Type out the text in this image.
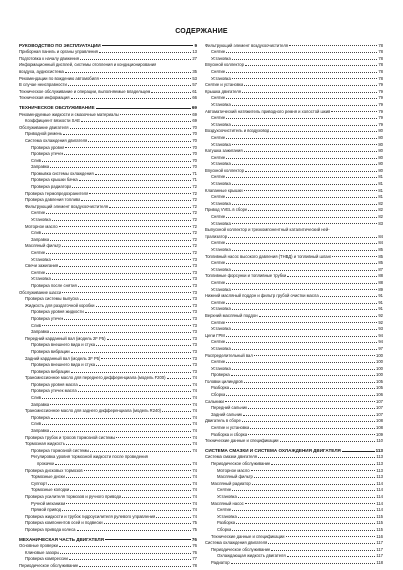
СОДЕРЖАНИЕ
РУКОВОДСТВО ПО ЭКСПЛУАТАЦИИ	9
Приборная панель и органы управления	13
Подготовка к началу движения	27
Информационный дисплей, системы отопления и кондиционирования
воздуха, аудиосистема	35
Рекомендации по вождению автомобиля	53
В случае неисправности	57
Техническое обслуживание и операции, выполняемые владельцем	61
Техническая информация	66
ТЕХНИЧЕСКОЕ ОБСЛУЖИВАНИЕ	69
Рекомендуемые жидкости и смазочные материалы	69
Коэффициент вязкости SAE	69
Обслуживание двигателя	70
Приводной ремень	70
Система охлаждения двигателя	70
Проверка уровня	70
Проверка утечек	70
Слив	70
Заправка	70
Промывка системы охлаждения	71
Проверка крышки бачка	71
Проверка радиатора	72
Проверка термопредохранителя	72
Проверка давления топлива	72
Фильтрующий элемент воздухоочистителя	72
Снятие	72
Установка	72
Моторное масло	72
Слив	72
Заправка	72
Масляный фильтр	72
Снятие	72
Установка	73
Свечи зажигания	73
Снятие	73
Установка	73
Проверка после снятия	73
Обслуживание шасси	73
Проверка системы выпуска	73
Жидкость для раздаточной коробки	73
Проверка уровня жидкости	73
Проверка утечек	73
Слив	73
Заправка	73
Передний карданный вал (модель 2F P5)	73
Проверка внешнего вида и стука	73
Проверка вибрации	73
Задний карданный вал (модель 3F P5)	73
Проверка внешнего вида и стука	73
Проверка вибрации	73
Трансмиссионное масло для переднего дифференциала (модель F200)	74
Проверка уровня масла	74
Проверка утечек масла	74
Слив	74
Заправка	74
Трансмиссионное масло для заднего дифференциала (модель R240)	74
Проверка	74
Слив	74
Заправка	74
Проверка трубок и тросов тормозной системы	74
Тормозная жидкость	74
Проверка тормозной системы	74
Регулировка уровня тормозной жидкости после проведения
прокачки	74
Проверка дисковых тормозов	74
Тормозные диски	74
Суппорт	74
Тормозные колодки	74
Проверка усилителя тормозов и ручного привода	74
Ручной механизм	74
Прямой привод	74
Проверка жидкости и трубок гидроусилителя рулевого управления	74
Проверка компонентов осей и подвески	75
Проверка привода колеса	75
МЕХАНИЧЕСКАЯ ЧАСТЬ ДВИГАТЕЛЯ	76
Основные проверки	76
Клиновые зазоры	76
Проверка компрессии	77
Периодическое обслуживание	78
Фильтрующий элемент воздухоочистителя	78
Снятие	78
Установка	78
Впускной коллектор	78
Снятие	78
Установка	78
Снятие и установка	79
Крышка двигателя	79
Снятие	79
Установка	79
Автоматический натяжитель приводного ремня и холостой шкив	79
Снятие	79
Установка	79
Воздухоочиститель и воздуховод	80
Снятие	80
Установка	80
Катушка зажигания	80
Снятие	80
Установка	80
Впускной коллектор	80
Снятие	81
Установка	81
Клапанные крышки	81
Снятие	81
Установка	82
Привод VVEL в сборе	82
Снятие	82
Установка	83
Выпускной коллектор и трехкомпонентный каталитический ней-
трализатор	84
Снятие	84
Установка	85
Топливный насос высокого давления (ТНВД) и топливный шланг	85
Снятие	85
Установка	87
Топливные форсунки и топливные трубки	88
Снятие	88
Установка	89
Нижний масляный поддон и фильтр грубой очистки масла	91
Снятие	91
Установка	91
Верхний масляный поддон	92
Снятие	92
Установка	93
Цепи ГРМ	94
Снятие	94
Установка	97
Распределительный вал	100
Снятие	100
Установка	100
Проверка	100
Головки цилиндров	105
Разборка	105
Сборка	106
Сальники	107
Передний сальник	107
Задний сальник	107
Двигатель в сборе	108
Снятие и установка	108
Разборка и сборка	109
Технические данные и спецификации	110
СИСТЕМА СМАЗКИ И СИСТЕМА ОХЛАЖДЕНИЯ ДВИГАТЕЛЯ	113
Система смазки двигателя	113
Периодическое обслуживание	113
Моторное масло	113
Масляный фильтр	113
Масляный радиатор	114
Снятие	114
Установка	114
Масляный насос	114
Снятие	114
Установка	115
Разборка	115
Сборка	115
Технические данные и спецификации	116
Система охлаждения двигателя	117
Периодическое обслуживание	117
Охлаждающая жидкость двигателя	117
Радиатор	118
